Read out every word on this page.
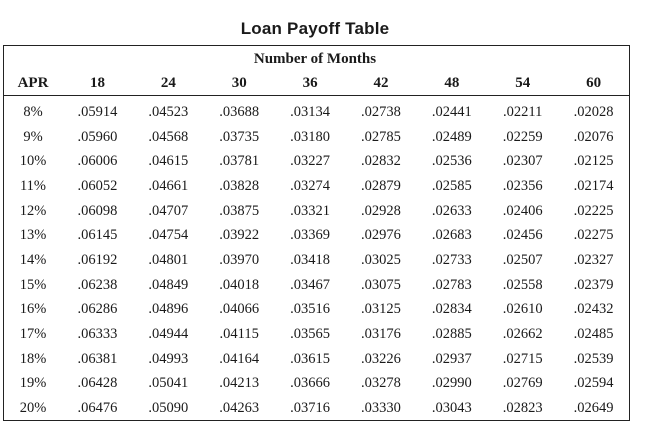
Loan Payoff Table
Number of Months
APR	18	24	30	36	42	48	54	60
8%	.05914	.04523	.03688	.03134	.02738	.02441	.02211	.02028
9%	.05960	.04568	.03735	.03180	.02785	.02489	.02259	.02076
10%	.06006	.04615	.03781	.03227	.02832	.02536	.02307	.02125
11%	.06052	.04661	.03828	.03274	.02879	.02585	.02356	.02174
12%	.06098	.04707	.03875	.03321	.02928	.02633	.02406	.02225
13%	.06145	.04754	.03922	.03369	.02976	.02683	.02456	.02275
14%	.06192	.04801	.03970	.03418	.03025	.02733	.02507	.02327
15%	.06238	.04849	.04018	.03467	.03075	.02783	.02558	.02379
16%	.06286	.04896	.04066	.03516	.03125	.02834	.02610	.02432
17%	.06333	.04944	.04115	.03565	.03176	.02885	.02662	.02485
18%	.06381	.04993	.04164	.03615	.03226	.02937	.02715	.02539
19%	.06428	.05041	.04213	.03666	.03278	.02990	.02769	.02594
20%	.06476	.05090	.04263	.03716	.03330	.03043	.02823	.02649
